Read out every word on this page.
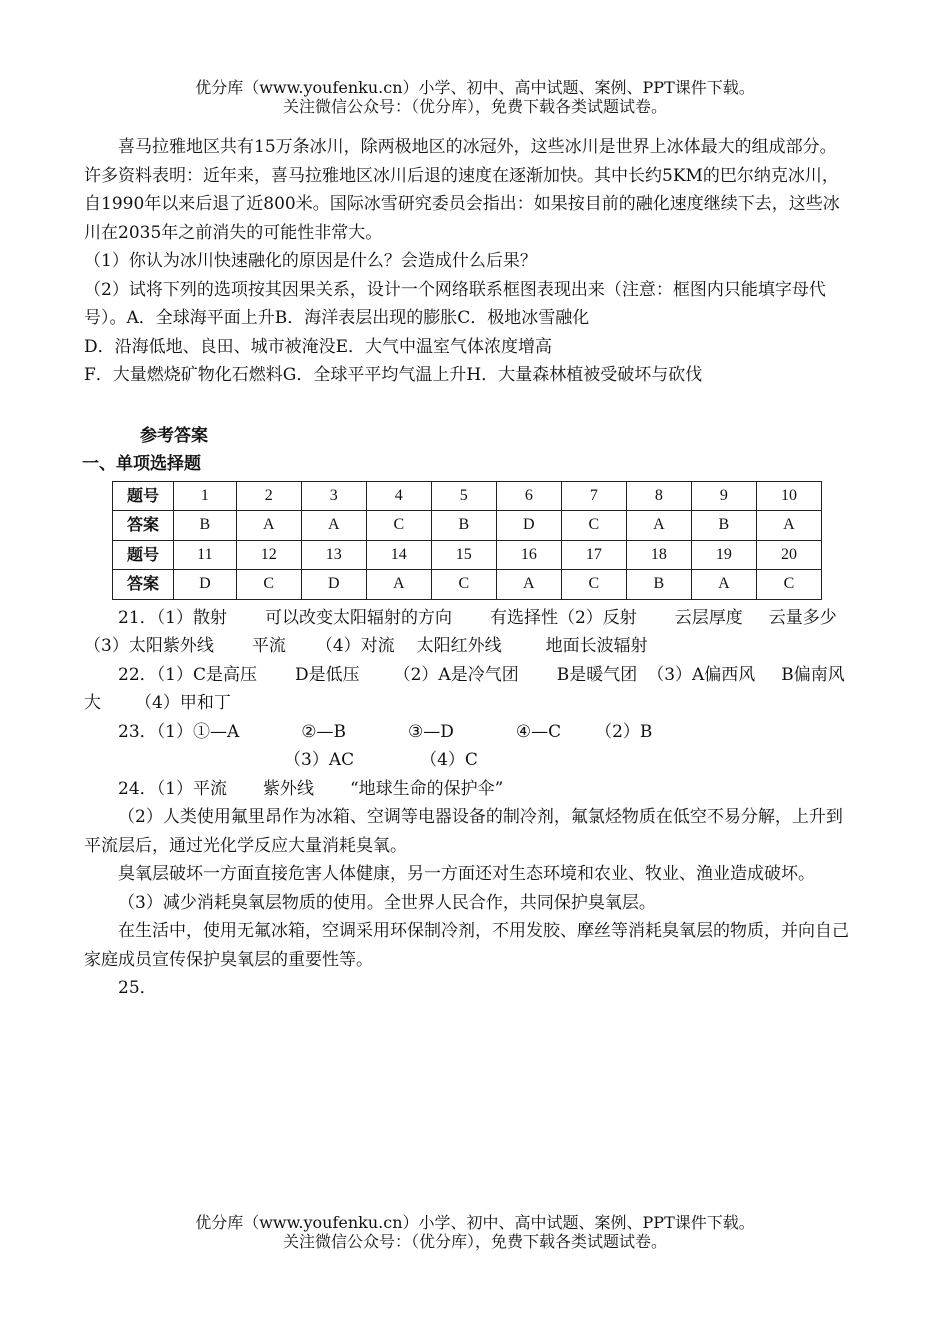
优分库（www.youfenku.cn）小学、初中、高中试题、案例、PPT课件下载。
关注微信公众号：（优分库），免费下载各类试题试卷。

喜马拉雅地区共有15万条冰川，除两极地区的冰冠外，这些冰川是世界上冰体最大的组成部分。许多资料表明：近年来，喜马拉雅地区冰川后退的速度在逐渐加快。其中长约5KM的巴尔纳克冰川，自1990年以来后退了近800米。国际冰雪研究委员会指出：如果按目前的融化速度继续下去，这些冰川在2035年之前消失的可能性非常大。

（1）你认为冰川快速融化的原因是什么？会造成什么后果？

（2）试将下列的选项按其因果关系，设计一个网络联系框图表现出来（注意：框图内只能填字母代号）。A．全球海平面上升B．海洋表层出现的膨胀C．极地冰雪融化

D．沿海低地、良田、城市被淹没E．大气中温室气体浓度增高

F．大量燃烧矿物化石燃料G．全球平平均气温上升H．大量森林植被受破坏与砍伐

参考答案

一、单项选择题

题号	1	2	3	4	5	6	7	8	9	10
答案	B	A	A	C	B	D	C	A	B	A
题号	11	12	13	14	15	16	17	18	19	20
答案	D	C	D	A	C	A	C	B	A	C

21．（1）散射 可以改变太阳辐射的方向 有选择性（2）反射 云层厚度 云量多少（3）太阳紫外线 平流 （4）对流 太阳红外线	地面长波辐射

22．（1）C是高压 D是低压 （2）A是冷气团 B是暖气团 （3）A偏西风 B偏南风 大 （4）甲和丁

23．（1）①—A	②—B	③—D	④—C （2）B（3）AC	（4）C

24．（1）平流 紫外线 “地球生命的保护伞”

（2）人类使用氟里昂作为冰箱、空调等电器设备的制冷剂，氟氯烃物质在低空不易分解，上升到平流层后，通过光化学反应大量消耗臭氧。

臭氧层破坏一方面直接危害人体健康，另一方面还对生态环境和农业、牧业、渔业造成破坏。

（3）减少消耗臭氧层物质的使用。全世界人民合作，共同保护臭氧层。

在生活中，使用无氟冰箱，空调采用环保制冷剂，不用发胶、摩丝等消耗臭氧层的物质，并向自己家庭成员宣传保护臭氧层的重要性等。

25．

优分库（www.youfenku.cn）小学、初中、高中试题、案例、PPT课件下载。
关注微信公众号：（优分库），免费下载各类试题试卷。
